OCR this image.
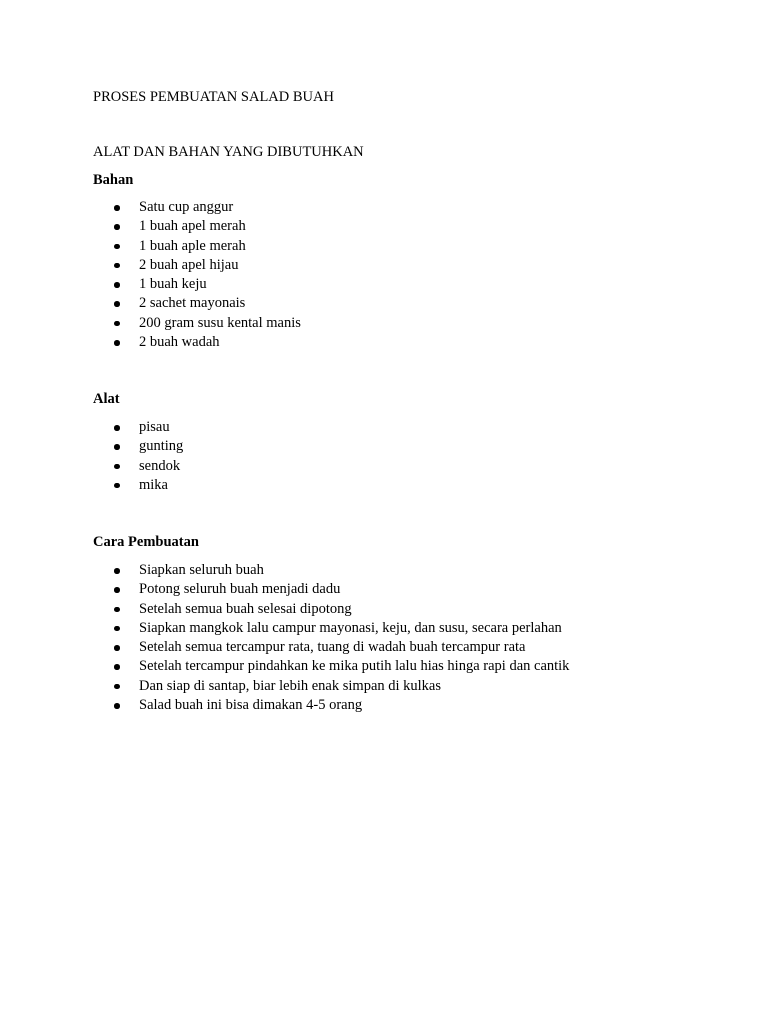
PROSES PEMBUATAN SALAD BUAH
ALAT DAN BAHAN YANG DIBUTUHKAN
Bahan
Satu cup anggur
1 buah apel merah
1 buah aple merah
2 buah apel hijau
1 buah keju
2 sachet mayonais
200 gram susu kental manis
2 buah wadah
Alat
pisau
gunting
sendok
mika
Cara Pembuatan
Siapkan seluruh buah
Potong seluruh buah menjadi dadu
Setelah semua buah selesai dipotong
Siapkan mangkok lalu campur mayonasi, keju, dan susu, secara perlahan
Setelah semua tercampur rata, tuang di wadah buah tercampur rata
Setelah tercampur pindahkan ke mika putih lalu hias hinga rapi dan cantik
Dan siap di santap, biar lebih enak simpan di kulkas
Salad buah ini bisa dimakan 4-5 orang
